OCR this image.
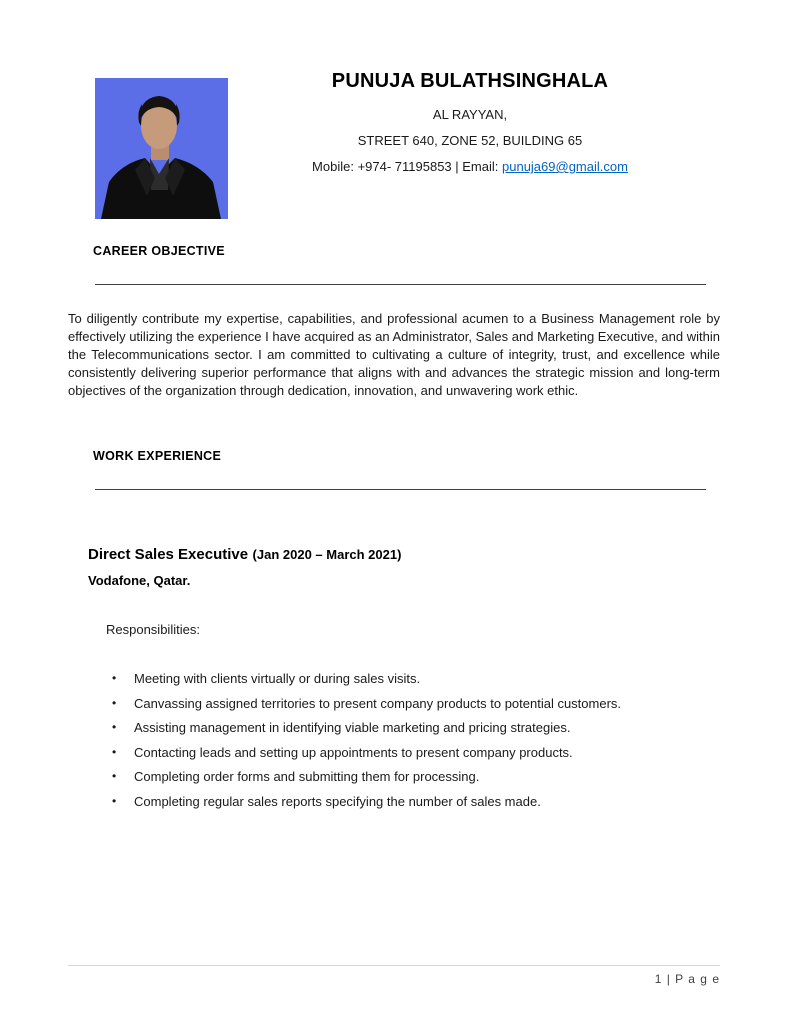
PUNUJA BULATHSINGHALA
AL RAYYAN,
STREET 640, ZONE 52, BUILDING 65
Mobile: +974- 71195853 | Email: punuja69@gmail.com
CAREER OBJECTIVE

To diligently contribute my expertise, capabilities, and professional acumen to a Business Management role by effectively utilizing the experience I have acquired as an Administrator, Sales and Marketing Executive, and within the Telecommunications sector. I am committed to cultivating a culture of integrity, trust, and excellence while consistently delivering superior performance that aligns with and advances the strategic mission and long-term objectives of the organization through dedication, innovation, and unwavering work ethic.

WORK EXPERIENCE
Direct Sales Executive (Jan 2020 – March 2021)
Vodafone, Qatar.
Responsibilities:
• Meeting with clients virtually or during sales visits.
• Canvassing assigned territories to present company products to potential customers.
• Assisting management in identifying viable marketing and pricing strategies.
• Contacting leads and setting up appointments to present company products.
• Completing order forms and submitting them for processing.
• Completing regular sales reports specifying the number of sales made.
1 | P a g e
